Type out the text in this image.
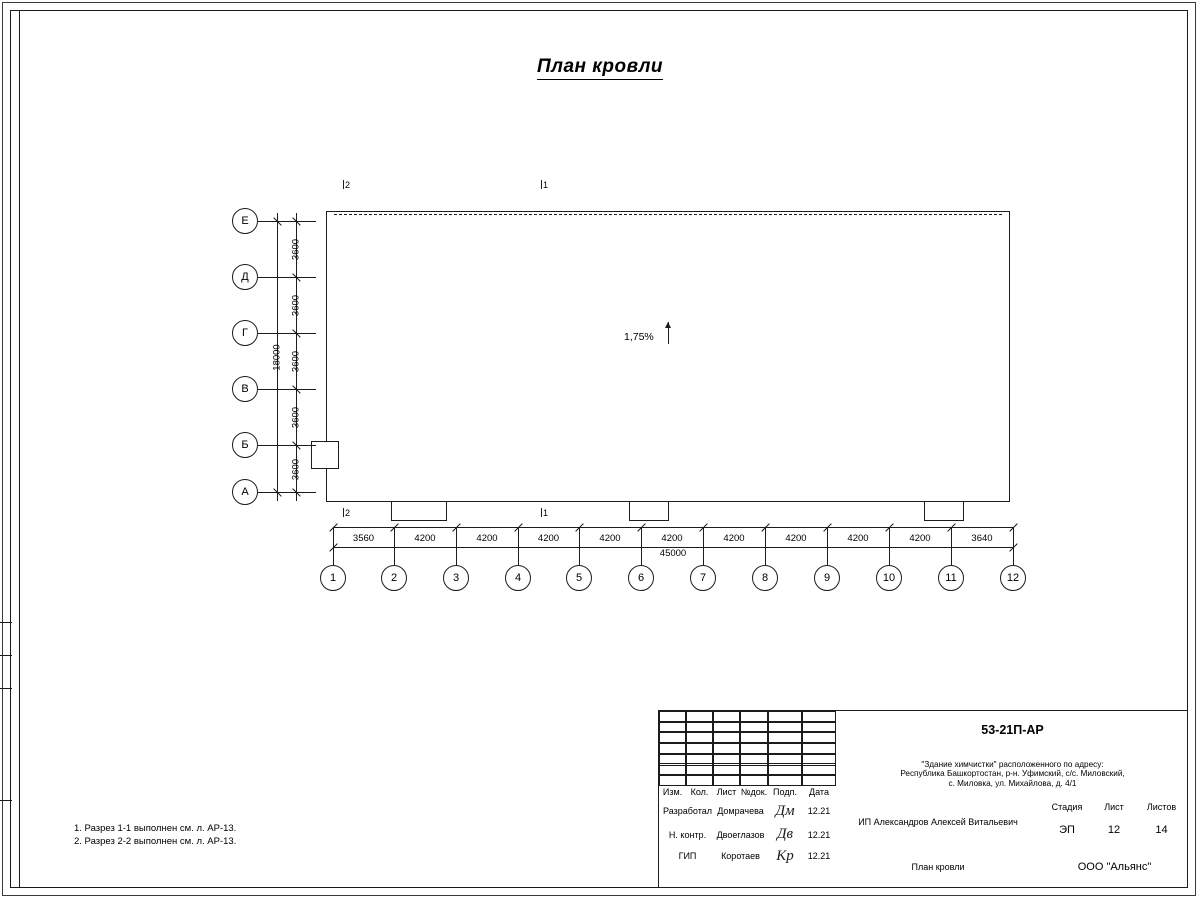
План кровли
1,75%
2	1
2	1
Е
Д
Г
В
Б
А
3600
3600
3600
3600
3600
18000
1	2	3	4	5	6	7	8	9	10	11	12
3560	4200	4200	4200	4200	4200	4200	4200	4200	4200	3640
45000
1. Разрез 1-1 выполнен см. л. АР-13.
2. Разрез 2-2 выполнен см. л. АР-13.
53-21П-АР
"Здание химчистки" расположенного по адресу:
Республика Башкортостан, р-н. Уфимский, с/с. Миловский,
с. Миловка, ул. Михайлова, д. 4/1
Изм. Кол. Лист №док. Подп.	Дата
Разработал Домрачева Дм	12.21
Н. контр.	Двоеглазов Дв	12.21
ГИП	Коротаев	Кр	12.21
ИП Александров Алексей Витальевич
План кровли
Стадия	Лист	Листов
ЭП	12	14
ООО "Альянс"
